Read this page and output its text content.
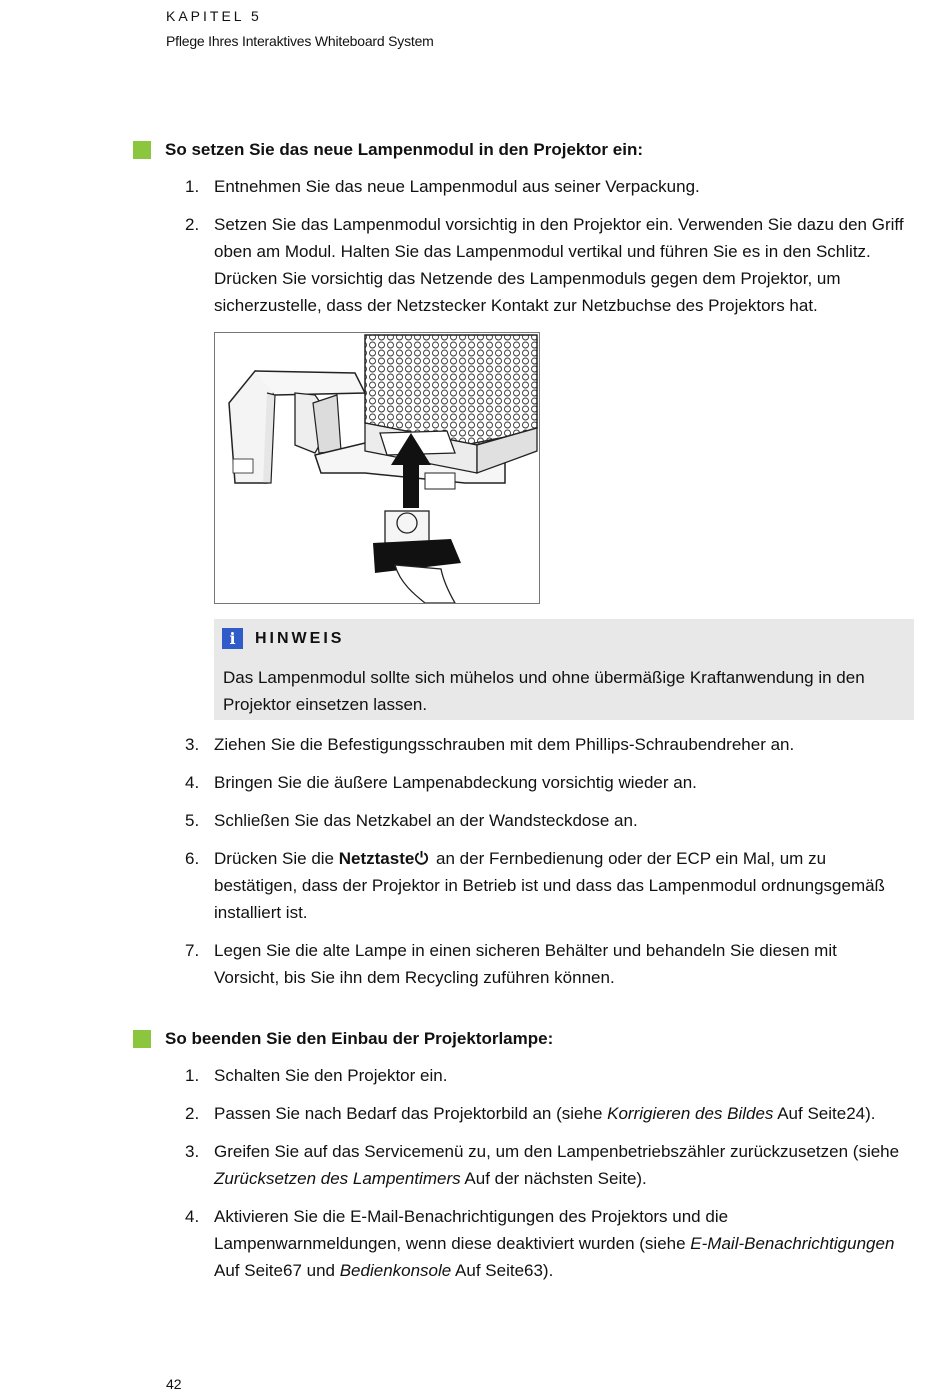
KAPITEL 5
Pflege Ihres Interaktives Whiteboard System
So setzen Sie das neue Lampenmodul in den Projektor ein:
1. Entnehmen Sie das neue Lampenmodul aus seiner Verpackung.
2. Setzen Sie das Lampenmodul vorsichtig in den Projektor ein. Verwenden Sie dazu den Griff oben am Modul. Halten Sie das Lampenmodul vertikal und führen Sie es in den Schlitz. Drücken Sie vorsichtig das Netzende des Lampenmoduls gegen dem Projektor, um sicherzustelle, dass der Netzstecker Kontakt zur Netzbuchse des Projektors hat.
i	HINWEIS
Das Lampenmodul sollte sich mühelos und ohne übermäßige Kraftanwendung in den Projektor einsetzen lassen.
3. Ziehen Sie die Befestigungsschrauben mit dem Phillips-Schraubendreher an.
4. Bringen Sie die äußere Lampenabdeckung vorsichtig wieder an.
5. Schließen Sie das Netzkabel an der Wandsteckdose an.
6. Drücken Sie die Netztaste an der Fernbedienung oder der ECP ein Mal, um zu bestätigen, dass der Projektor in Betrieb ist und dass das Lampenmodul ordnungsgemäß installiert ist.
7. Legen Sie die alte Lampe in einen sicheren Behälter und behandeln Sie diesen mit Vorsicht, bis Sie ihn dem Recycling zuführen können.
So beenden Sie den Einbau der Projektorlampe:
1. Schalten Sie den Projektor ein.
2. Passen Sie nach Bedarf das Projektorbild an (siehe Korrigieren des Bildes Auf Seite24).
3. Greifen Sie auf das Servicemenü zu, um den Lampenbetriebszähler zurückzusetzen (siehe Zurücksetzen des Lampentimers Auf der nächsten Seite).
4. Aktivieren Sie die E-Mail-Benachrichtigungen des Projektors und die Lampenwarnmeldungen, wenn diese deaktiviert wurden (siehe E-Mail-Benachrichtigungen Auf Seite67 und Bedienkonsole Auf Seite63).
42
